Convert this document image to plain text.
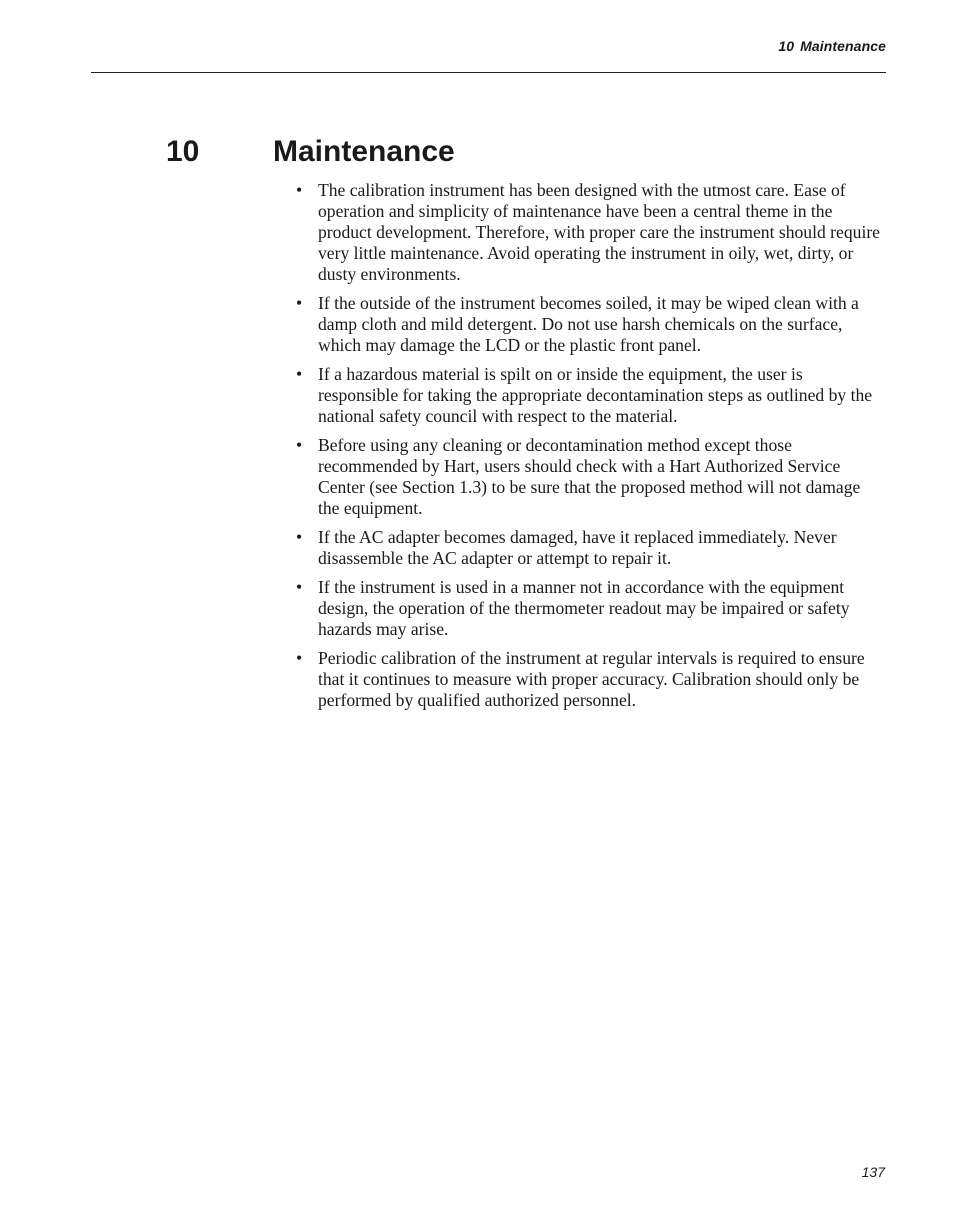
10 Maintenance
10 Maintenance
• The calibration instrument has been designed with the utmost care. Ease of operation and simplicity of maintenance have been a central theme in the product development. Therefore, with proper care the instrument should require very little maintenance. Avoid operating the instrument in oily, wet, dirty, or dusty environments.
• If the outside of the instrument becomes soiled, it may be wiped clean with a damp cloth and mild detergent. Do not use harsh chemicals on the surface, which may damage the LCD or the plastic front panel.
• If a hazardous material is spilt on or inside the equipment, the user is responsible for taking the appropriate decontamination steps as outlined by the national safety council with respect to the material.
• Before using any cleaning or decontamination method except those recommended by Hart, users should check with a Hart Authorized Service Center (see Section 1.3) to be sure that the proposed method will not damage the equipment.
• If the AC adapter becomes damaged, have it replaced immediately. Never disassemble the AC adapter or attempt to repair it.
• If the instrument is used in a manner not in accordance with the equipment design, the operation of the thermometer readout may be impaired or safety hazards may arise.
• Periodic calibration of the instrument at regular intervals is required to ensure that it continues to measure with proper accuracy. Calibration should only be performed by qualified authorized personnel.
137
